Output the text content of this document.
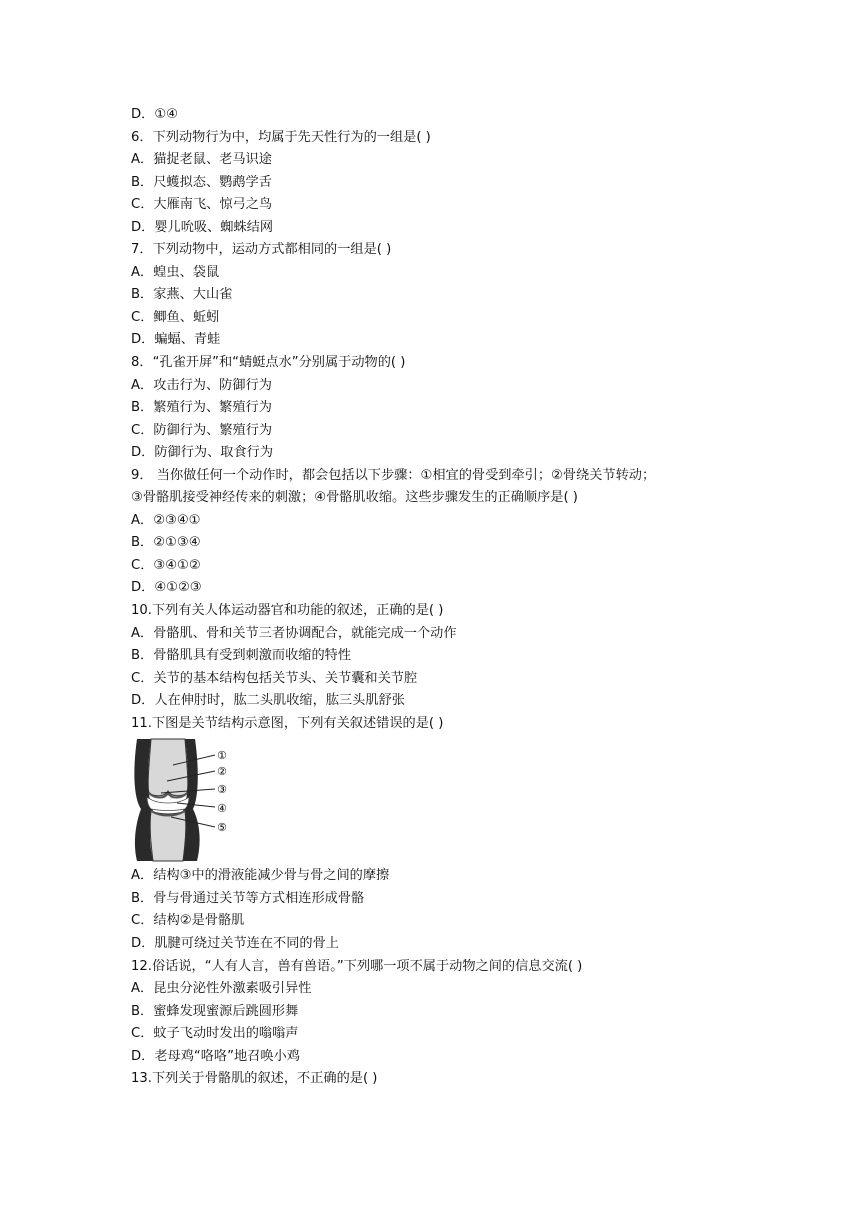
D．①④
6．下列动物行为中，均属于先天性行为的一组是( )
A．猫捉老鼠、老马识途
B．尺蠖拟态、鹦鹉学舌
C．大雁南飞、惊弓之鸟
D．婴儿吮吸、蜘蛛结网
7．下列动物中，运动方式都相同的一组是( )
A．蝗虫、袋鼠
B．家燕、大山雀
C．鲫鱼、蚯蚓
D．蝙蝠、青蛙
8．“孔雀开屏”和“蜻蜓点水”分别属于动物的( )
A．攻击行为、防御行为
B．繁殖行为、繁殖行为
C．防御行为、繁殖行为
D．防御行为、取食行为
9． 当你做任何一个动作时，都会包括以下步骤：①相宜的骨受到牵引；②骨绕关节转动；
③骨骼肌接受神经传来的刺激；④骨骼肌收缩。这些步骤发生的正确顺序是( )
A．②③④①
B．②①③④
C．③④①②
D．④①②③
10.下列有关人体运动器官和功能的叙述，正确的是( )
A．骨骼肌、骨和关节三者协调配合，就能完成一个动作
B．骨骼肌具有受到刺激而收缩的特性
C．关节的基本结构包括关节头、关节囊和关节腔
D．人在伸肘时，肱二头肌收缩，肱三头肌舒张
11.下图是关节结构示意图，下列有关叙述错误的是( )
①
②
③
④
⑤
A．结构③中的滑液能减少骨与骨之间的摩擦
B．骨与骨通过关节等方式相连形成骨骼
C．结构②是骨骼肌
D．肌腱可绕过关节连在不同的骨上
12.俗话说，“人有人言，兽有兽语。”下列哪一项不属于动物之间的信息交流( )
A．昆虫分泌性外激素吸引异性
B．蜜蜂发现蜜源后跳圆形舞
C．蚊子飞动时发出的嗡嗡声
D．老母鸡“咯咯”地召唤小鸡
13.下列关于骨骼肌的叙述，不正确的是( )
